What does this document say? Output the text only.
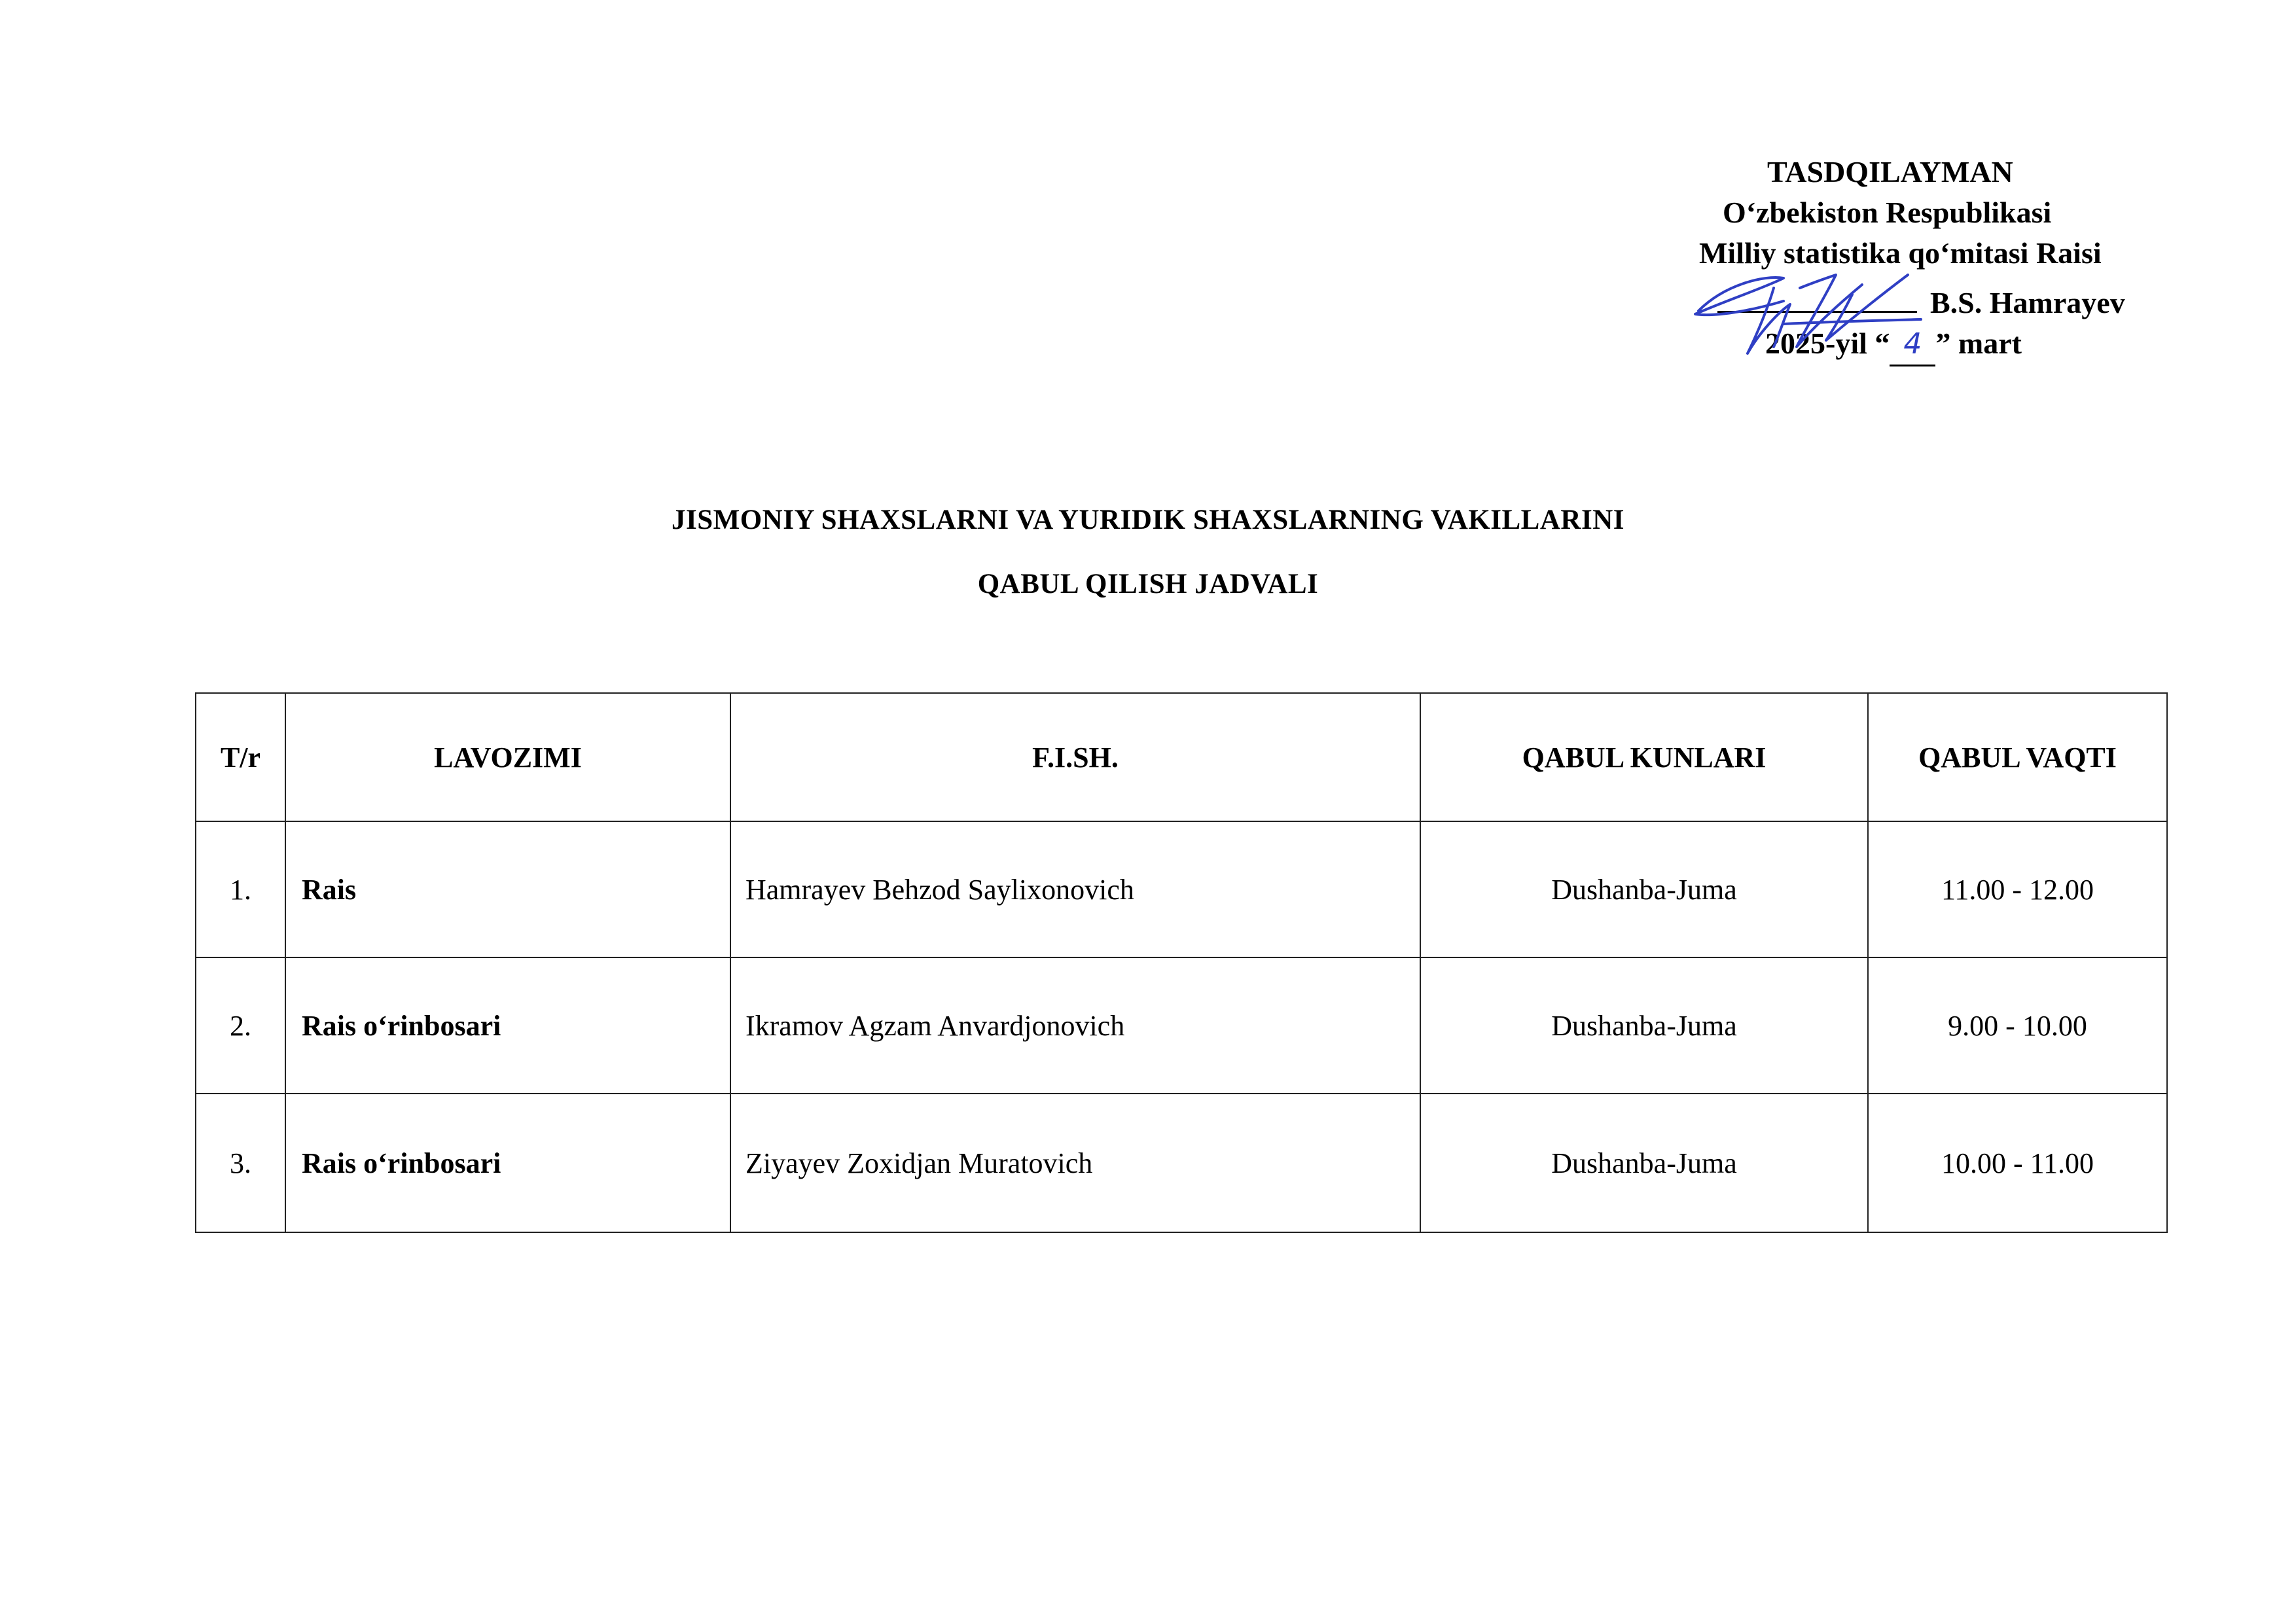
TASDQILAYMAN
O‘zbekiston Respublikasi
Milliy statistika qo‘mitasi Raisi
B.S. Hamrayev
2025-yil “ 4 ” mart
JISMONIY SHAXSLARNI VA YURIDIK SHAXSLARNING VAKILLARINI
QABUL QILISH JADVALI
T/r	LAVOZIMI	F.I.SH.	QABUL KUNLARI	QABUL VAQTI
1.	Rais	Hamrayev Behzod Saylixonovich	Dushanba-Juma	11.00 - 12.00
2.	Rais o‘rinbosari	Ikramov Agzam Anvardjonovich	Dushanba-Juma	9.00 - 10.00
3.	Rais o‘rinbosari	Ziyayev Zoxidjan Muratovich	Dushanba-Juma	10.00 - 11.00
